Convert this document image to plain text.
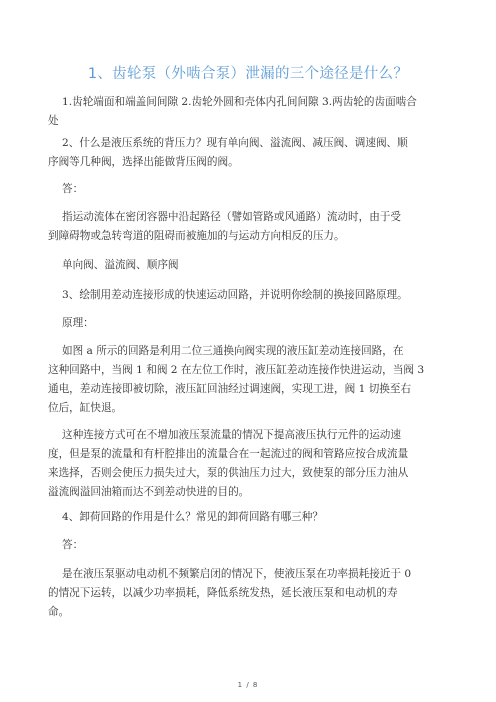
1、齿轮泵（外啮合泵）泄漏的三个途径是什么？
1.齿轮端面和端盖间间隙 2.齿轮外圆和壳体内孔间间隙 3.两齿轮的齿面啮合
处
2、什么是液压系统的背压力？现有单向阀、溢流阀、减压阀、调速阀、顺
序阀等几种阀，选择出能做背压阀的阀。
答：
指运动流体在密闭容器中沿起路径（譬如管路或风通路）流动时，由于受
到障碍物或急转弯道的阻碍而被施加的与运动方向相反的压力。
单向阀、溢流阀、顺序阀
3、绘制用差动连接形成的快速运动回路，并说明你绘制的换接回路原理。
原理：
如图 a 所示的回路是利用二位三通换向阀实现的液压缸差动连接回路，在
这种回路中，当阀 1 和阀 2 在左位工作时，液压缸差动连接作快进运动，当阀 3
通电，差动连接即被切除，液压缸回油经过调速阀，实现工进，阀 1 切换至右
位后，缸快退。
这种连接方式可在不增加液压泵流量的情况下提高液压执行元件的运动速
度，但是泵的流量和有杆腔排出的流量合在一起流过的阀和管路应按合成流量
来选择，否则会使压力损失过大，泵的供油压力过大，致使泵的部分压力油从
溢流阀溢回油箱而达不到差动快进的目的。
4、卸荷回路的作用是什么？常见的卸荷回路有哪三种？
答：
是在液压泵驱动电动机不频繁启闭的情况下，使液压泵在功率损耗接近于 0
的情况下运转，以减少功率损耗，降低系统发热，延长液压泵和电动机的寿
命。
1 / 8
